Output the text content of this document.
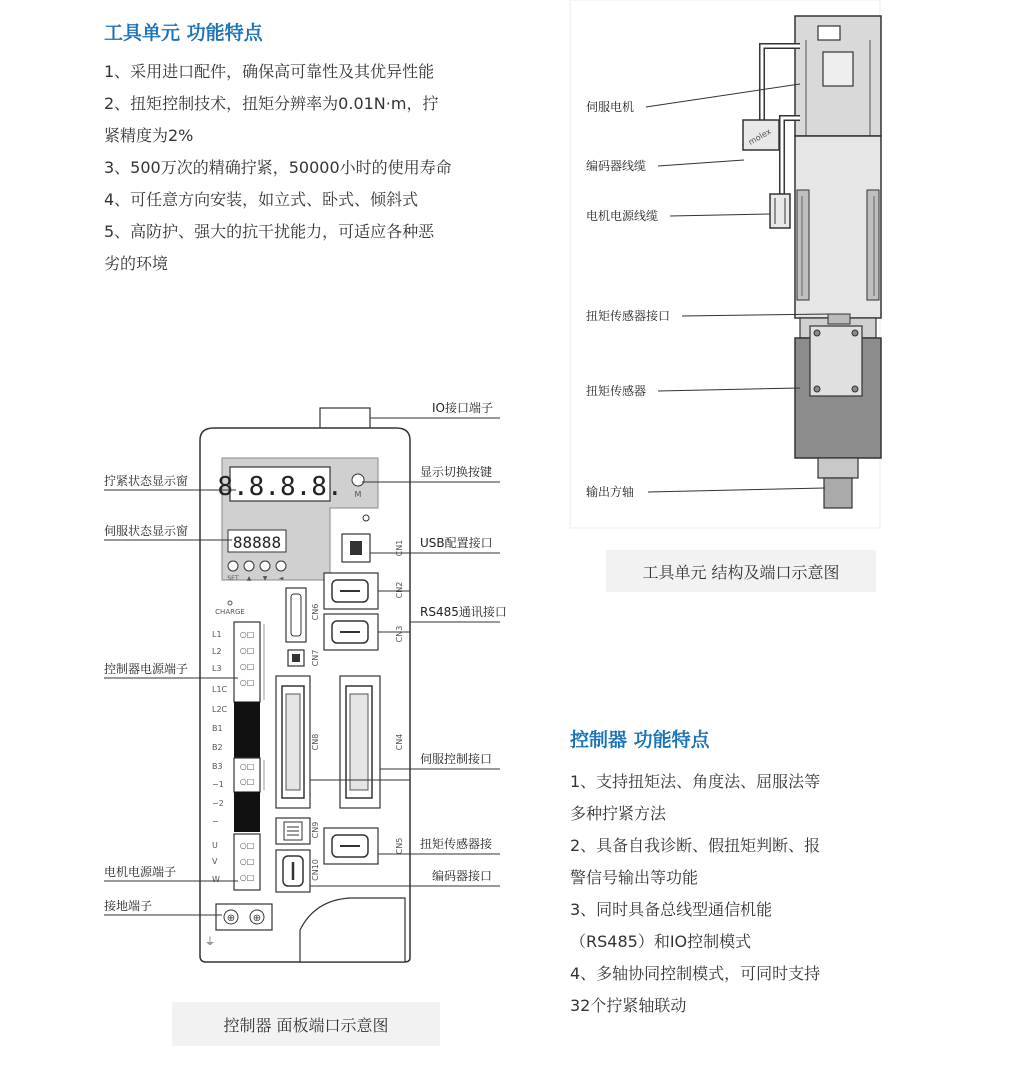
工具单元 功能特点

1、采用进口配件，确保高可靠性及其优异性能

2、扭矩控制技术，扭矩分辨率为0.01N·m，拧

紧精度为2%

3、500万次的精确拧紧，50000小时的使用寿命

4、可任意方向安装，如立式、卧式、倾斜式

5、高防护、强大的抗干扰能力，可适应各种恶

劣的环境

控制器 功能特点

1、支持扭矩法、角度法、屈服法等

多种拧紧方法

2、具备自我诊断、假扭矩判断、报

警信号输出等功能

3、同时具备总线型通信机能

（RS485）和IO控制模式

4、多轴协同控制模式，可同时支持

32个拧紧轴联动

工具单元 结构及端口示意图
控制器 面板端口示意图
molex
伺服电机
编码器线缆
电机电源线缆
扭矩传感器接口
扭矩传感器
输出方轴
8.8.8.8. M
88888
SET ▲ ▼ ◄
CHARGE
CN1
CN2
CN3
CN4
CN5
CN6
CN7
CN8
CN9
CN10
○□
○□
○□
○□
○□
○□
○□
○□
○□
L1
L2
L3
L1C
L2C
B1
B2
B3
−1
−2
−
U
V
W
⊕ ⊕
⏚
拧紧状态显示窗
伺服状态显示窗
控制器电源端子
电机电源端子
接地端子
IO接口端子
显示切换按键
USB配置接口
RS485通讯接口
伺服控制接口
扭矩传感器接
编码器接口
